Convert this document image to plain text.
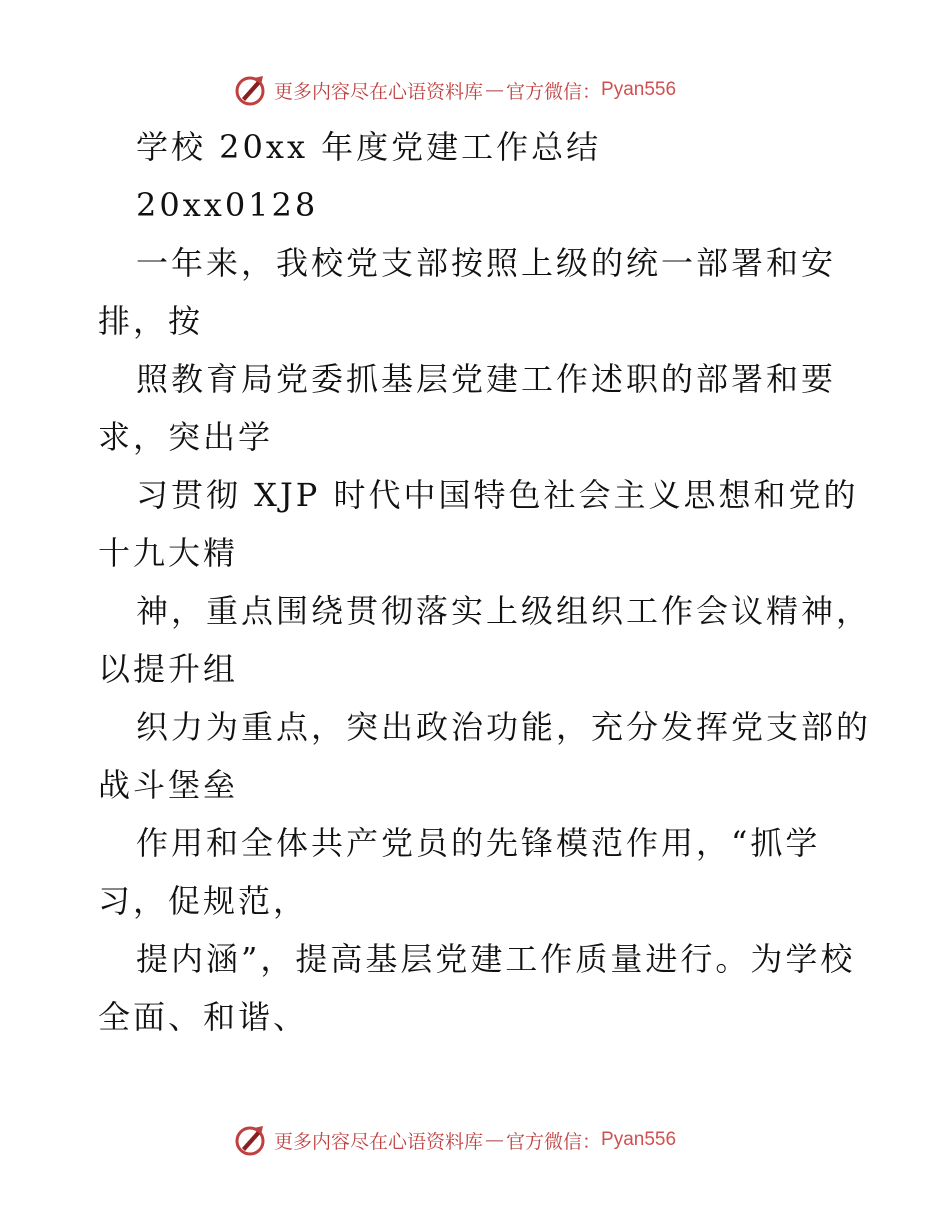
更多内容尽在心语资料库 — 官方微信： Pyan556
学校 20xx 年度党建工作总结
20xx0128
一年来，我校党支部按照上级的统一部署和安
排，按
照教育局党委抓基层党建工作述职的部署和要
求，突出学
习贯彻 XJP 时代中国特色社会主义思想和党的
十九大精
神，重点围绕贯彻落实上级组织工作会议精神，
以提升组
织力为重点，突出政治功能，充分发挥党支部的
战斗堡垒
作用和全体共产党员的先锋模范作用，“抓学
习，促规范，
提内涵”，提高基层党建工作质量进行。为学校
全面、和谐、
更多内容尽在心语资料库 — 官方微信： Pyan556
